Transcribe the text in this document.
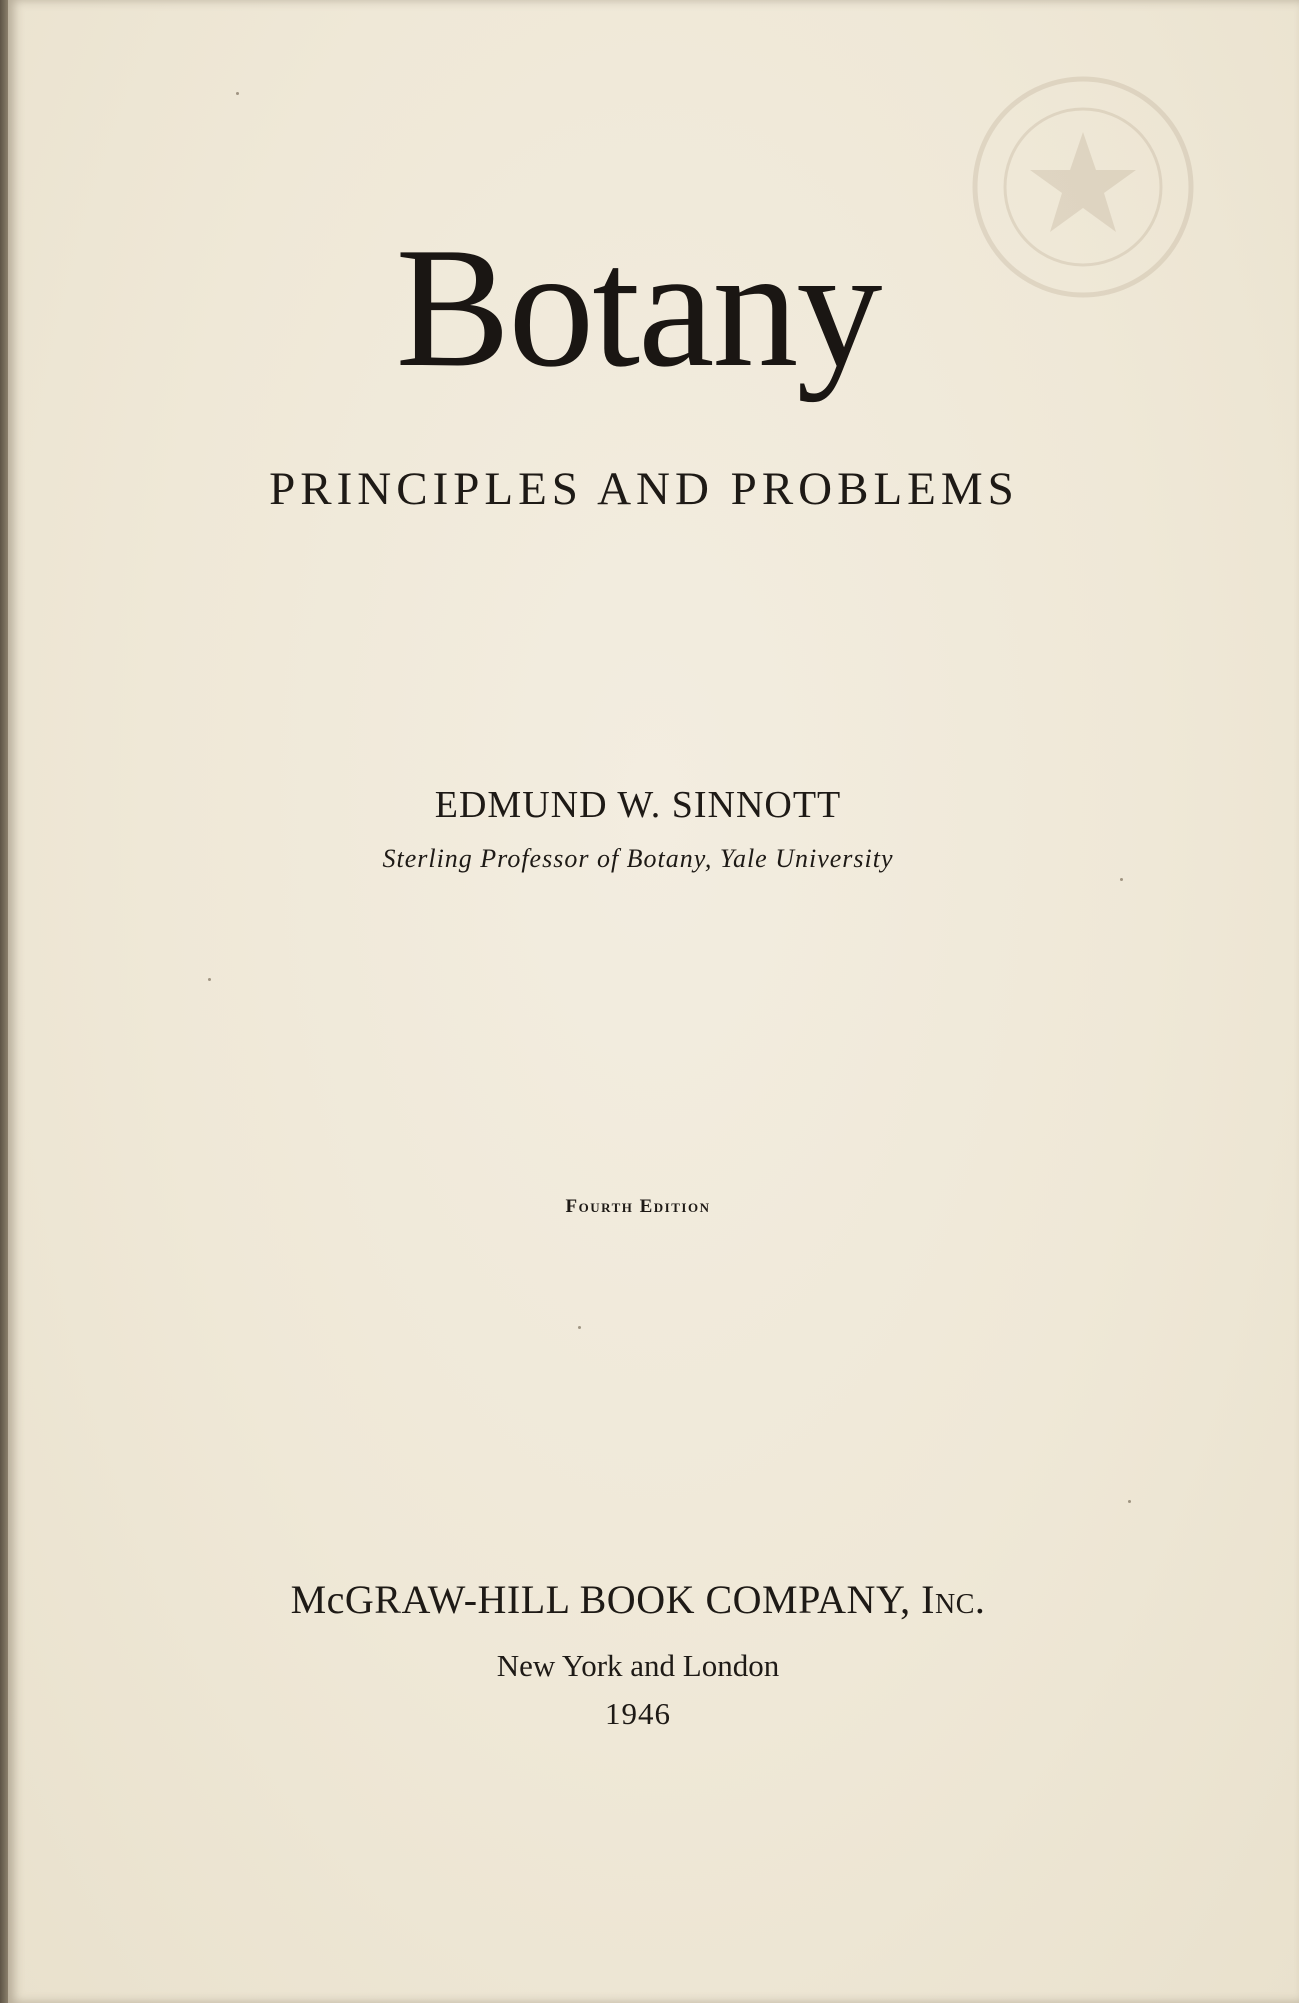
Botany
PRINCIPLES AND PROBLEMS
EDMUND W. SINNOTT
Sterling Professor of Botany, Yale University
Fourth Edition
McGRAW-HILL BOOK COMPANY, Inc.
New York and London
1946
